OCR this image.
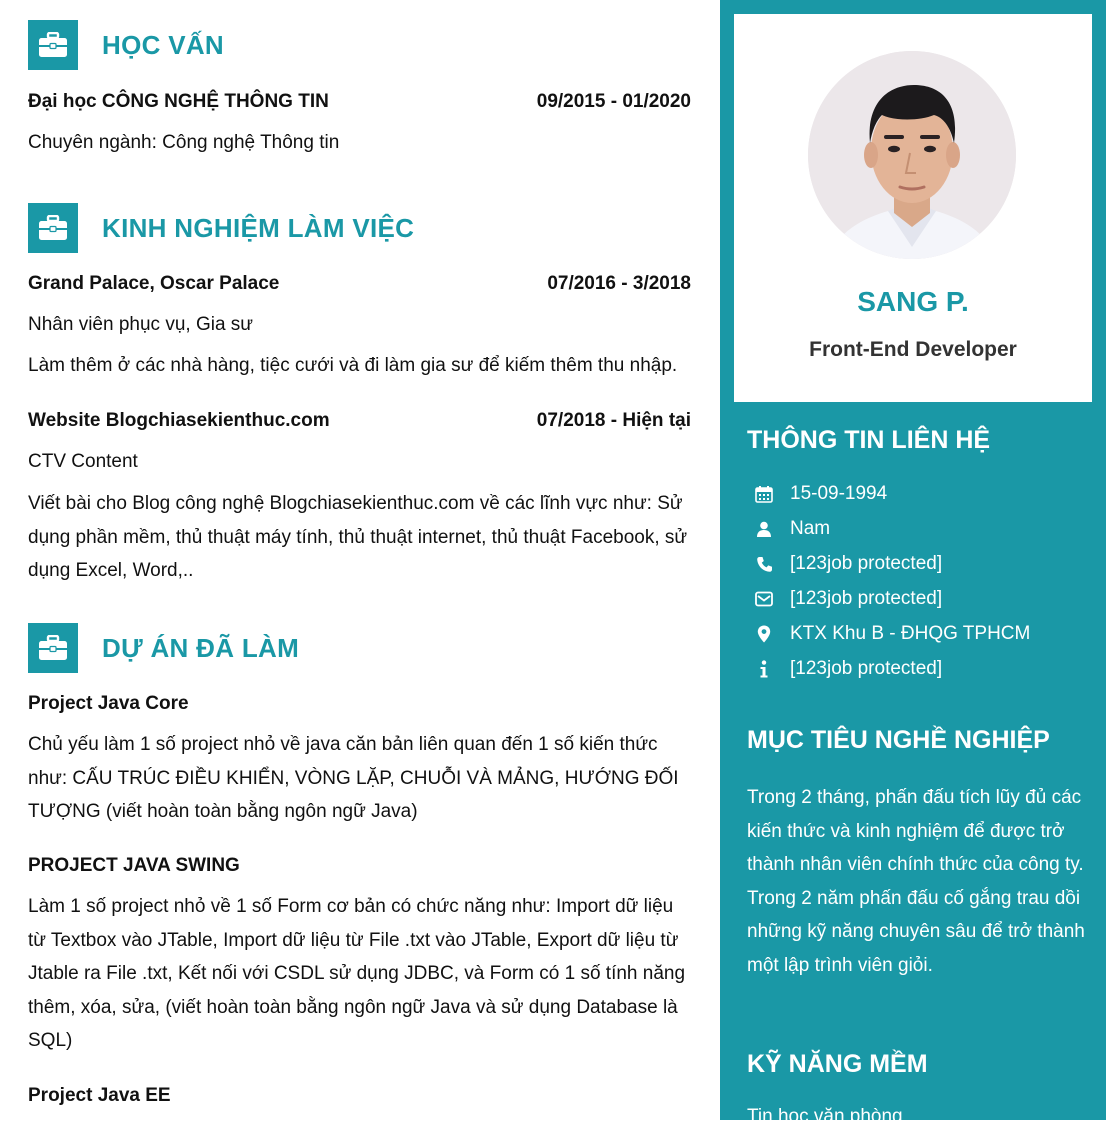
HỌC VẤN
Đại học CÔNG NGHỆ THÔNG TIN	09/2015 - 01/2020
Chuyên ngành: Công nghệ Thông tin
KINH NGHIỆM LÀM VIỆC
Grand Palace, Oscar Palace	07/2016 - 3/2018
Nhân viên phục vụ, Gia sư
Làm thêm ở các nhà hàng, tiệc cưới và đi làm gia sư để kiếm thêm thu nhập.
Website Blogchiasekienthuc.com	07/2018 - Hiện tại
CTV Content
Viết bài cho Blog công nghệ Blogchiasekienthuc.com về các lĩnh vực như: Sử dụng phần mềm, thủ thuật máy tính, thủ thuật internet, thủ thuật Facebook, sử dụng Excel, Word,..
DỰ ÁN ĐÃ LÀM
Project Java Core
Chủ yếu làm 1 số project nhỏ về java căn bản liên quan đến 1 số kiến thức như: CẤU TRÚC ĐIỀU KHIỂN, VÒNG LẶP, CHUỖI VÀ MẢNG, HƯỚNG ĐỐI TƯỢNG (viết hoàn toàn bằng ngôn ngữ Java)
PROJECT JAVA SWING
Làm 1 số project nhỏ về 1 số Form cơ bản có chức năng như: Import dữ liệu từ Textbox vào JTable, Import dữ liệu từ File .txt vào JTable, Export dữ liệu từ Jtable ra File .txt, Kết nối với CSDL sử dụng JDBC, và Form có 1 số tính năng thêm, xóa, sửa, (viết hoàn toàn bằng ngôn ngữ Java và sử dụng Database là SQL)
Project Java EE
SANG P.
Front-End Developer
THÔNG TIN LIÊN HỆ
15-09-1994
Nam
[123job protected]
[123job protected]
KTX Khu B - ĐHQG TPHCM
[123job protected]
MỤC TIÊU NGHỀ NGHIỆP
Trong 2 tháng, phấn đấu tích lũy đủ các kiến thức và kinh nghiệm để được trở thành nhân viên chính thức của công ty. Trong 2 năm phấn đấu cố gắng trau dồi những kỹ năng chuyên sâu để trở thành một lập trình viên giỏi.
KỸ NĂNG MỀM
Tin học văn phòng
